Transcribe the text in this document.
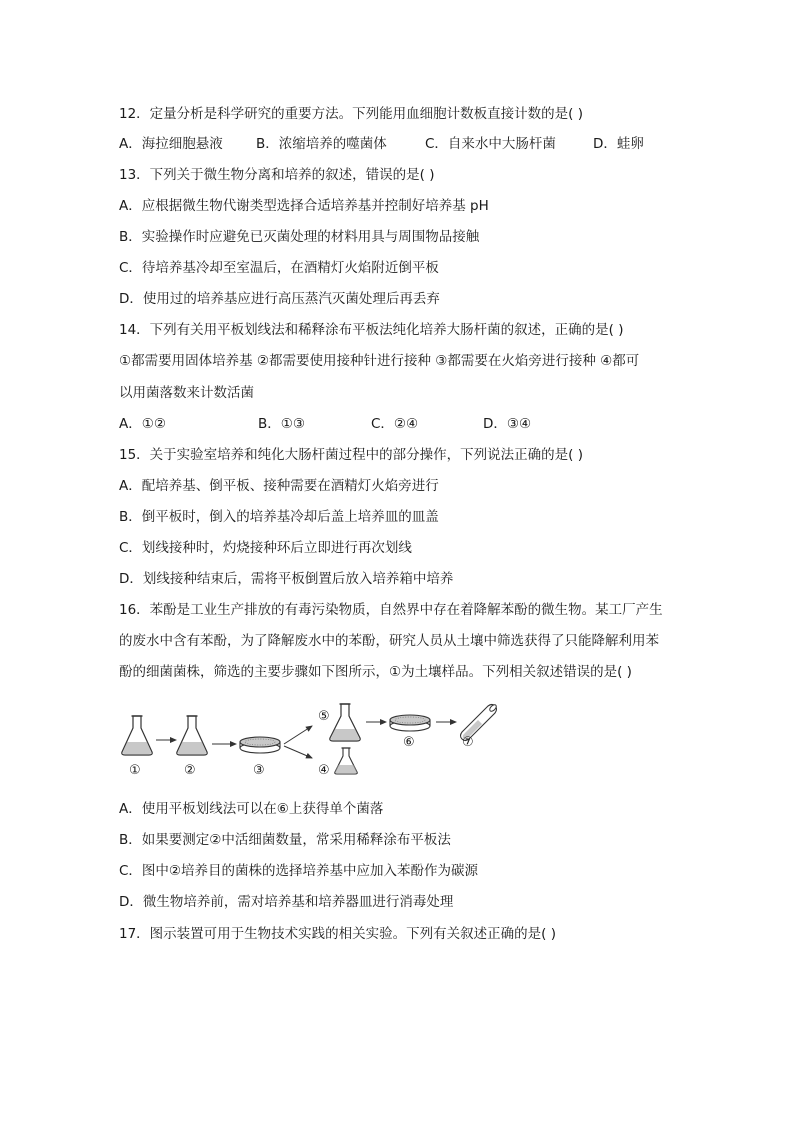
12．定量分析是科学研究的重要方法。下列能用血细胞计数板直接计数的是( )
A．海拉细胞悬液 B．浓缩培养的噬菌体	C．自来水中大肠杆菌	D．蛙卵
13．下列关于微生物分离和培养的叙述，错误的是( )
A．应根据微生物代谢类型选择合适培养基并控制好培养基 pH
B．实验操作时应避免已灭菌处理的材料用具与周围物品接触
C．待培养基冷却至室温后，在酒精灯火焰附近倒平板
D．使用过的培养基应进行高压蒸汽灭菌处理后再丢弃
14．下列有关用平板划线法和稀释涂布平板法纯化培养大肠杆菌的叙述，正确的是( )
①都需要用固体培养基 ②都需要使用接种针进行接种 ③都需要在火焰旁进行接种 ④都可
以用菌落数来计数活菌
A．①②	B．①③	C．②④	D．③④
15．关于实验室培养和纯化大肠杆菌过程中的部分操作，下列说法正确的是( )
A．配培养基、倒平板、接种需要在酒精灯火焰旁进行
B．倒平板时，倒入的培养基冷却后盖上培养皿的皿盖
C．划线接种时，灼烧接种环后立即进行再次划线
D．划线接种结束后，需将平板倒置后放入培养箱中培养
16．苯酚是工业生产排放的有毒污染物质，自然界中存在着降解苯酚的微生物。某工厂产生
的废水中含有苯酚，为了降解废水中的苯酚，研究人员从土壤中筛选获得了只能降解利用苯
酚的细菌菌株，筛选的主要步骤如下图所示，①为土壤样品。下列相关叙述错误的是( )
①	②	③
⑤
④
⑥	⑦
A．使用平板划线法可以在⑥上获得单个菌落
B．如果要测定②中活细菌数量，常采用稀释涂布平板法
C．图中②培养目的菌株的选择培养基中应加入苯酚作为碳源
D．微生物培养前，需对培养基和培养器皿进行消毒处理
17．图示装置可用于生物技术实践的相关实验。下列有关叙述正确的是( )
